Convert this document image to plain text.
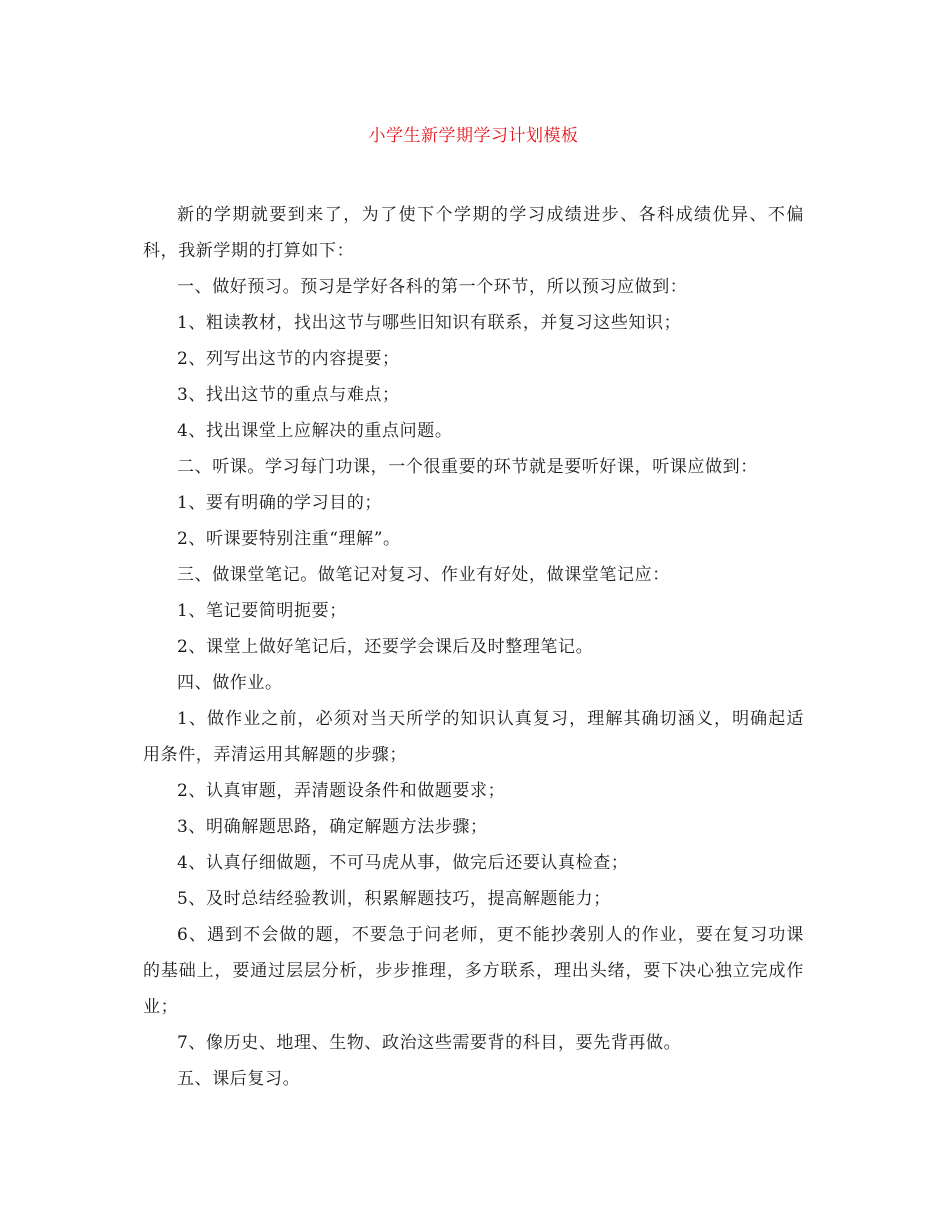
小学生新学期学习计划模板

新的学期就要到来了，为了使下个学期的学习成绩进步、各科成绩优异、不偏科，我新学期的打算如下：

一、做好预习。预习是学好各科的第一个环节，所以预习应做到：

1、粗读教材，找出这节与哪些旧知识有联系，并复习这些知识；

2、列写出这节的内容提要；

3、找出这节的重点与难点；

4、找出课堂上应解决的重点问题。

二、听课。学习每门功课，一个很重要的环节就是要听好课，听课应做到：

1、要有明确的学习目的；

2、听课要特别注重“理解”。

三、做课堂笔记。做笔记对复习、作业有好处，做课堂笔记应：

1、笔记要简明扼要；

2、课堂上做好笔记后，还要学会课后及时整理笔记。

四、做作业。

1、做作业之前，必须对当天所学的知识认真复习，理解其确切涵义，明确起适用条件，弄清运用其解题的步骤；

2、认真审题，弄清题设条件和做题要求；

3、明确解题思路，确定解题方法步骤；

4、认真仔细做题，不可马虎从事，做完后还要认真检查；

5、及时总结经验教训，积累解题技巧，提高解题能力；

6、遇到不会做的题，不要急于问老师，更不能抄袭别人的作业，要在复习功课的基础上，要通过层层分析，步步推理，多方联系，理出头绪，要下决心独立完成作业；

7、像历史、地理、生物、政治这些需要背的科目，要先背再做。

五、课后复习。
